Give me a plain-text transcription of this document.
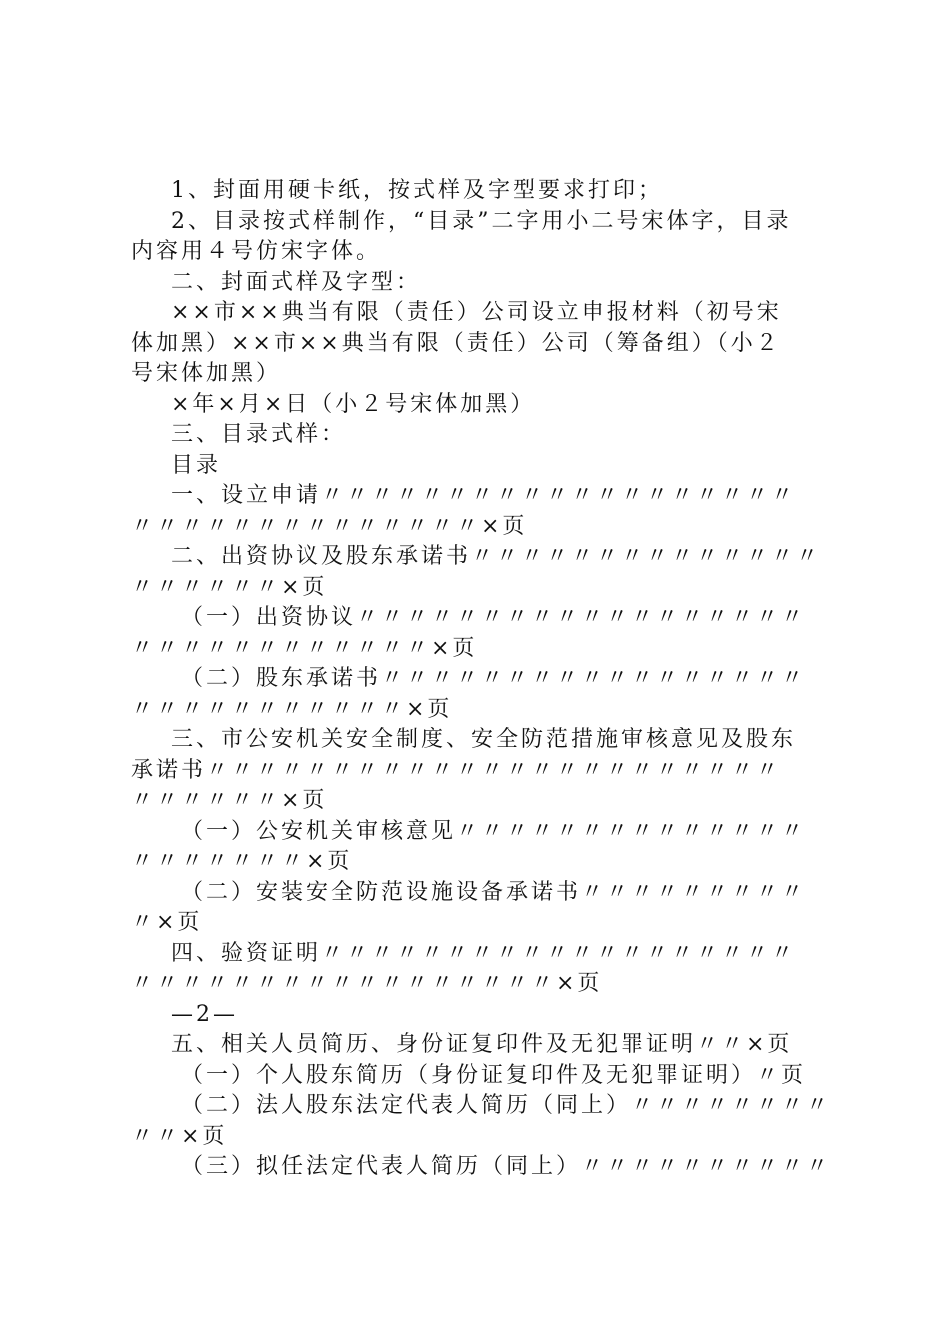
1、封面用硬卡纸，按式样及字型要求打印；

2、目录按式样制作，“目录”二字用小二号宋体字，目录

内容用４号仿宋字体。

二、封面式样及字型：

××市××典当有限（责任）公司设立申报材料（初号宋

体加黑）××市××典当有限（责任）公司（筹备组）（小２

号宋体加黑）

×年×月×日（小２号宋体加黑）

三、目录式样：

目录

一、设立申请〃〃〃〃〃〃〃〃〃〃〃〃〃〃〃〃〃〃〃

〃〃〃〃〃〃〃〃〃〃〃〃〃〃×页

二、出资协议及股东承诺书〃〃〃〃〃〃〃〃〃〃〃〃〃〃

〃〃〃〃〃〃×页

（一）出资协议〃〃〃〃〃〃〃〃〃〃〃〃〃〃〃〃〃〃

〃〃〃〃〃〃〃〃〃〃〃〃×页

（二）股东承诺书〃〃〃〃〃〃〃〃〃〃〃〃〃〃〃〃〃

〃〃〃〃〃〃〃〃〃〃〃×页

三、市公安机关安全制度、安全防范措施审核意见及股东

承诺书〃〃〃〃〃〃〃〃〃〃〃〃〃〃〃〃〃〃〃〃〃〃〃

〃〃〃〃〃〃×页

（一）公安机关审核意见〃〃〃〃〃〃〃〃〃〃〃〃〃〃

〃〃〃〃〃〃〃×页

（二）安装安全防范设施设备承诺书〃〃〃〃〃〃〃〃〃

〃×页

四、验资证明〃〃〃〃〃〃〃〃〃〃〃〃〃〃〃〃〃〃〃

〃〃〃〃〃〃〃〃〃〃〃〃〃〃〃〃〃×页

—2—

五、相关人员简历、身份证复印件及无犯罪证明〃〃×页

（一）个人股东简历（身份证复印件及无犯罪证明）〃页

（二）法人股东法定代表人简历（同上）〃〃〃〃〃〃〃〃

〃〃×页

（三）拟任法定代表人简历（同上）〃〃〃〃〃〃〃〃〃〃
